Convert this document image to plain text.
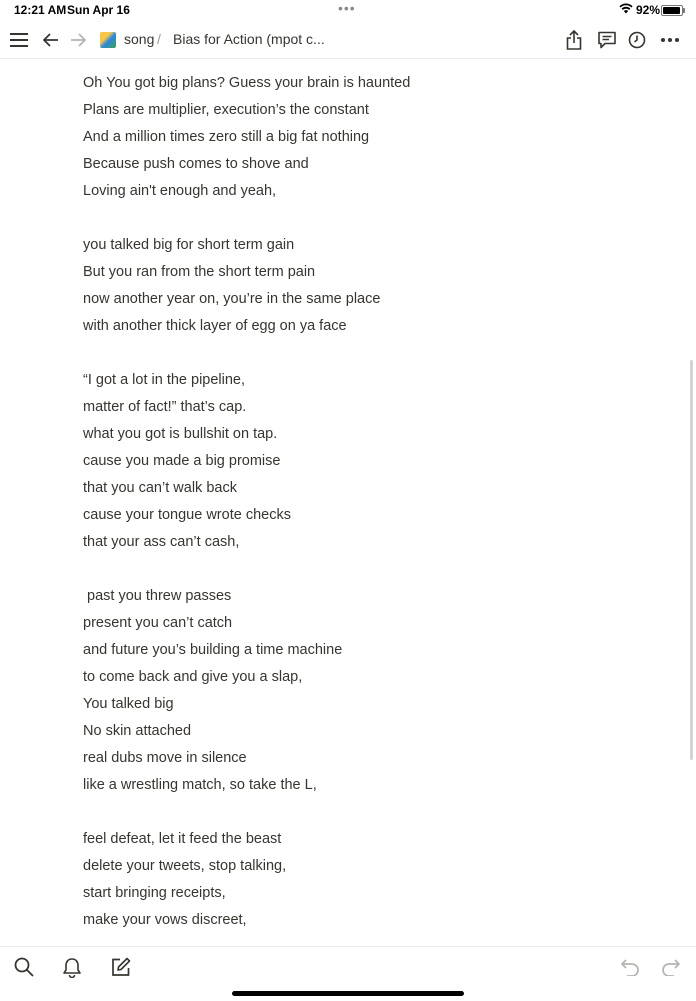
12:21 AM Sun Apr 16	•••	92%
song / Bias for Action (mpot c...
Oh You got big plans? Guess your brain is haunted
Plans are multiplier, execution’s the constant
And a million times zero still a big fat nothing
Because push comes to shove and
Loving ain't enough and yeah,
you talked big for short term gain
But you ran from the short term pain
now another year on, you’re in the same place
with another thick layer of egg on ya face
“I got a lot in the pipeline,
matter of fact!” that’s cap.
what you got is bullshit on tap.
cause you made a big promise
that you can’t walk back
cause your tongue wrote checks
that your ass can’t cash,
past you threw passes
present you can’t catch
and future you’s building a time machine
to come back and give you a slap,
You talked big
No skin attached
real dubs move in silence
like a wrestling match, so take the L,
feel defeat, let it feed the beast
delete your tweets, stop talking,
start bringing receipts,
make your vows discreet,
